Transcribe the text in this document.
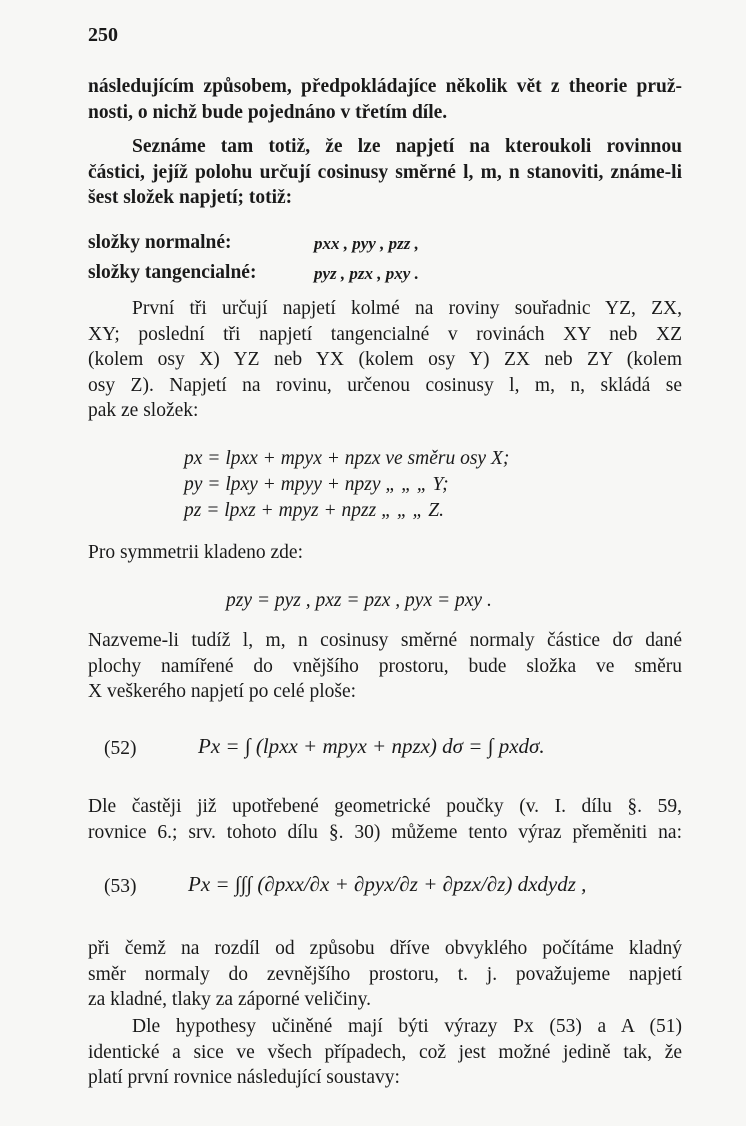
250
následujícím způsobem, předpokládajíce několik vět z theorie pruž-
nosti, o nichž bude pojednáno v třetím díle.
Seznáme tam totiž, že lze napjetí na kteroukoli rovinnou
částici, jejíž polohu určují cosinusy směrné l, m, n stanoviti, známe-li
šest složek napjetí; totiž:
složky normalné:	pxx , pyy , pzz ,
složky tangencialné:	pyz , pzx , pxy .
První tři určují napjetí kolmé na roviny souřadnic YZ, ZX,
XY; poslední tři napjetí tangencialné v rovinách XY neb XZ
(kolem osy X) YZ neb YX (kolem osy Y) ZX neb ZY (kolem
osy Z). Napjetí na rovinu, určenou cosinusy l, m, n, skládá se
pak ze složek:
px = lpxx + mpyx + npzx ve směru osy X;
py = lpxy + mpyy + npzy „ „ „ Y;
pz = lpxz + mpyz + npzz „ „ „ Z.
Pro symmetrii kladeno zde:
pzy = pyz , pxz = pzx , pyx = pxy .
Nazveme-li tudíž l, m, n cosinusy směrné normaly částice dσ dané
plochy namířené do vnějšího prostoru, bude složka ve směru
X veškerého napjetí po celé ploše:
(52)	Px = ∫ (lpxx + mpyx + npzx) dσ = ∫ pxdσ.
Dle častěji již upotřebené geometrické poučky (v. I. dílu §. 59,
rovnice 6.; srv. tohoto dílu §. 30) můžeme tento výraz přeměniti na:
(53) Px = ∫∫∫ (∂pxx/∂x + ∂pyx/∂z + ∂pzx/∂z) dxdydz ,
při čemž na rozdíl od způsobu dříve obvyklého počítáme kladný
směr normaly do zevnějšího prostoru, t. j. považujeme napjetí
za kladné, tlaky za záporné veličiny.
Dle hypothesy učiněné mají býti výrazy Px (53) a A (51)
identické a sice ve všech případech, což jest možné jedině tak, že
platí první rovnice následující soustavy:
